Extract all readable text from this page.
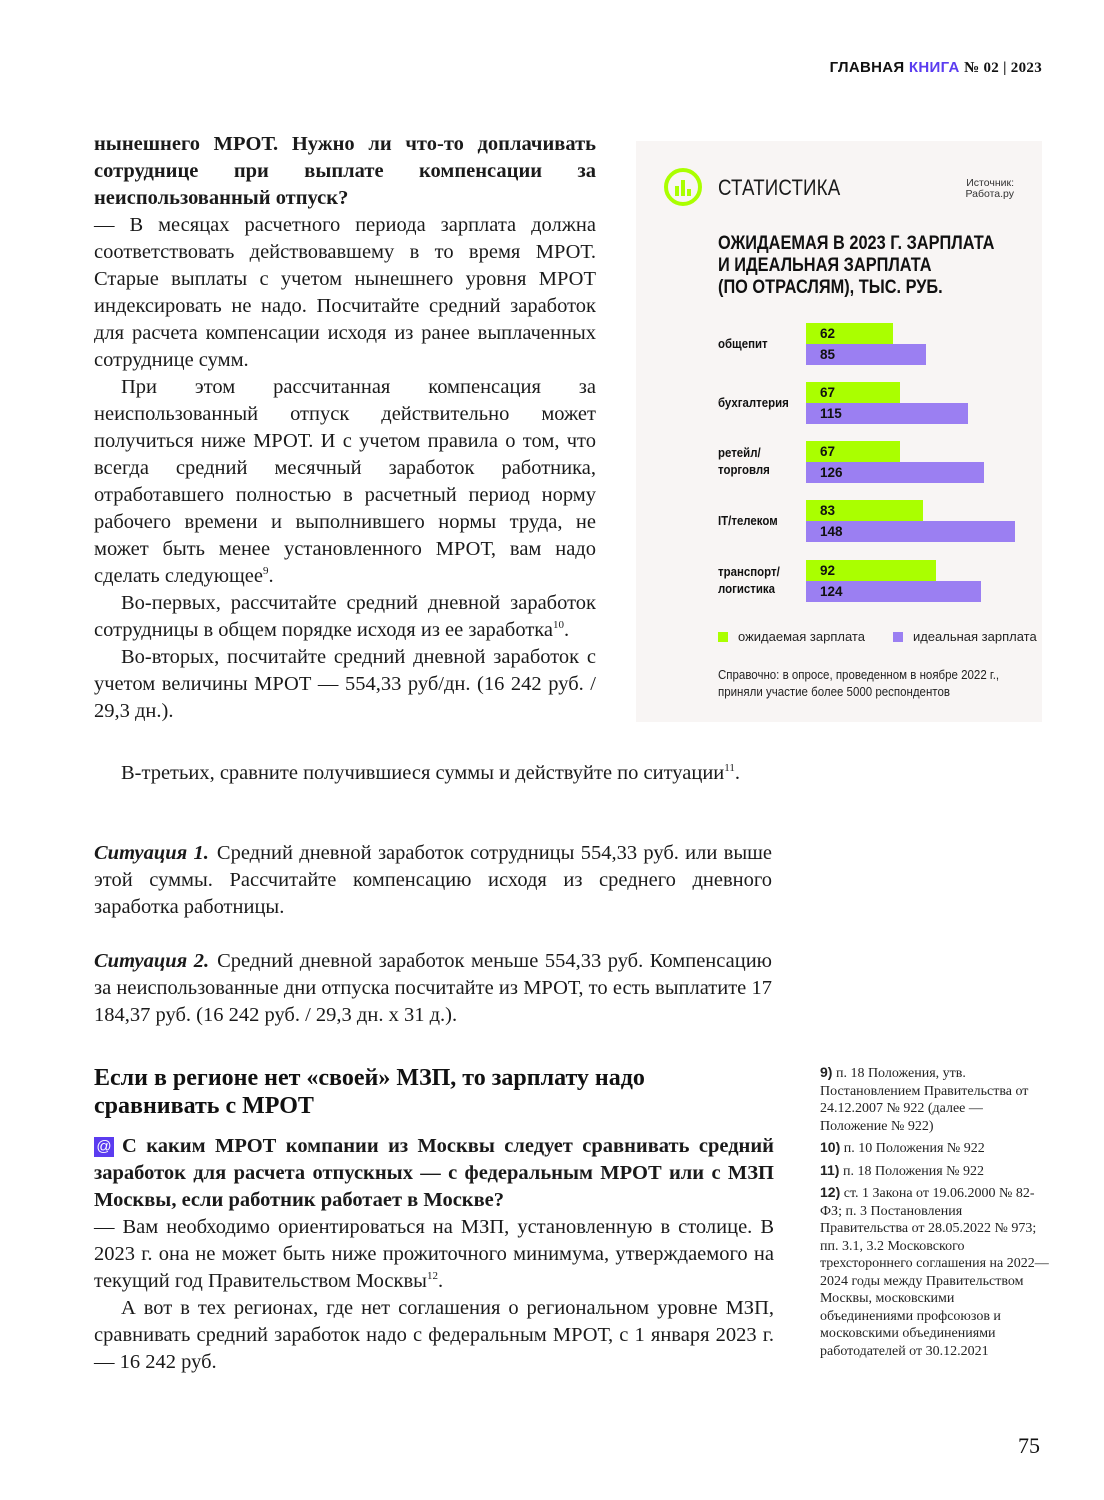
ГЛАВНАЯ КНИГА № 02 | 2023

нынешнего МРОТ. Нужно ли что-то доплачивать сотруднице при выплате компенсации за неиспользованный отпуск?

— В месяцах расчетного периода зарплата должна соответствовать действовавшему в то время МРОТ. Старые выплаты с учетом нынешнего уровня МРОТ индексировать не надо. Посчитайте средний заработок для расчета компенсации исходя из ранее выплаченных сотруднице сумм.

При этом рассчитанная компенсация за неиспользованный отпуск действительно может получиться ниже МРОТ. И с учетом правила о том, что всегда средний месячный заработок работника, отработавшего полностью в расчетный период норму рабочего времени и выполнившего нормы труда, не может быть менее установленного МРОТ, вам надо сделать следующее$^9$.

Во-первых, рассчитайте средний дневной заработок сотрудницы в общем порядке исходя из ее заработка$^{10}$.

Во-вторых, посчитайте средний дневной заработок с учетом величины МРОТ — 554,33 руб/дн. (16 242 руб. / 29,3 дн.).

В-третьих, сравните получившиеся суммы и действуйте по ситуации$^{11}$.

Ситуация 1. Средний дневной заработок сотрудницы 554,33 руб. или выше этой суммы. Рассчитайте компенсацию исходя из среднего дневного заработка работницы.

Ситуация 2. Средний дневной заработок меньше 554,33 руб. Компенсацию за неиспользованные дни отпуска посчитайте из МРОТ, то есть выплатите 17 184,37 руб. (16 242 руб. / 29,3 дн. х 31 д.).

Если в регионе нет «своей» МЗП, то зарплату надо сравнивать с МРОТ

@ С каким МРОТ компании из Москвы следует сравнивать средний заработок для расчета отпускных — с федеральным МРОТ или с МЗП Москвы, если работник работает в Москве?

— Вам необходимо ориентироваться на МЗП, установленную в столице. В 2023 г. она не может быть ниже прожиточного минимума, утверждаемого на текущий год Правительством Москвы$^{12}$.

А вот в тех регионах, где нет соглашения о региональном уровне МЗП, сравнивать средний заработок надо с федеральным МРОТ, с 1 января 2023 г. — 16 242 руб.

СТАТИСТИКА	Источник:
Работа.ру
ОЖИДАЕМАЯ В 2023 Г. ЗАРПЛАТА
И ИДЕАЛЬНАЯ ЗАРПЛАТА
(ПО ОТРАСЛЯМ), ТЫС. РУБ.
общепит
62
85
бухгалтерия
67
115
ретейл/
торговля
67
126
IT/телеком
83
148
транспорт/
логистика
92
124
ожидаемая зарплата	идеальная зарплата
Справочно: в опросе, проведенном в ноябре 2022 г., приняли участие более 5000 респондентов

9) п. 18 Положения, утв. Постановлением Правительства от 24.12.2007 № 922 (далее — Положение № 922)

10) п. 10 Положения № 922

11) п. 18 Положения № 922

12) ст. 1 Закона от 19.06.2000 № 82-ФЗ; п. 3 Постановления Правительства от 28.05.2022 № 973; пп. 3.1, 3.2 Московского трехстороннего соглашения на 2022—2024 годы между Правительством Москвы, московскими объединениями профсоюзов и московскими объединениями работодателей от 30.12.2021

75
